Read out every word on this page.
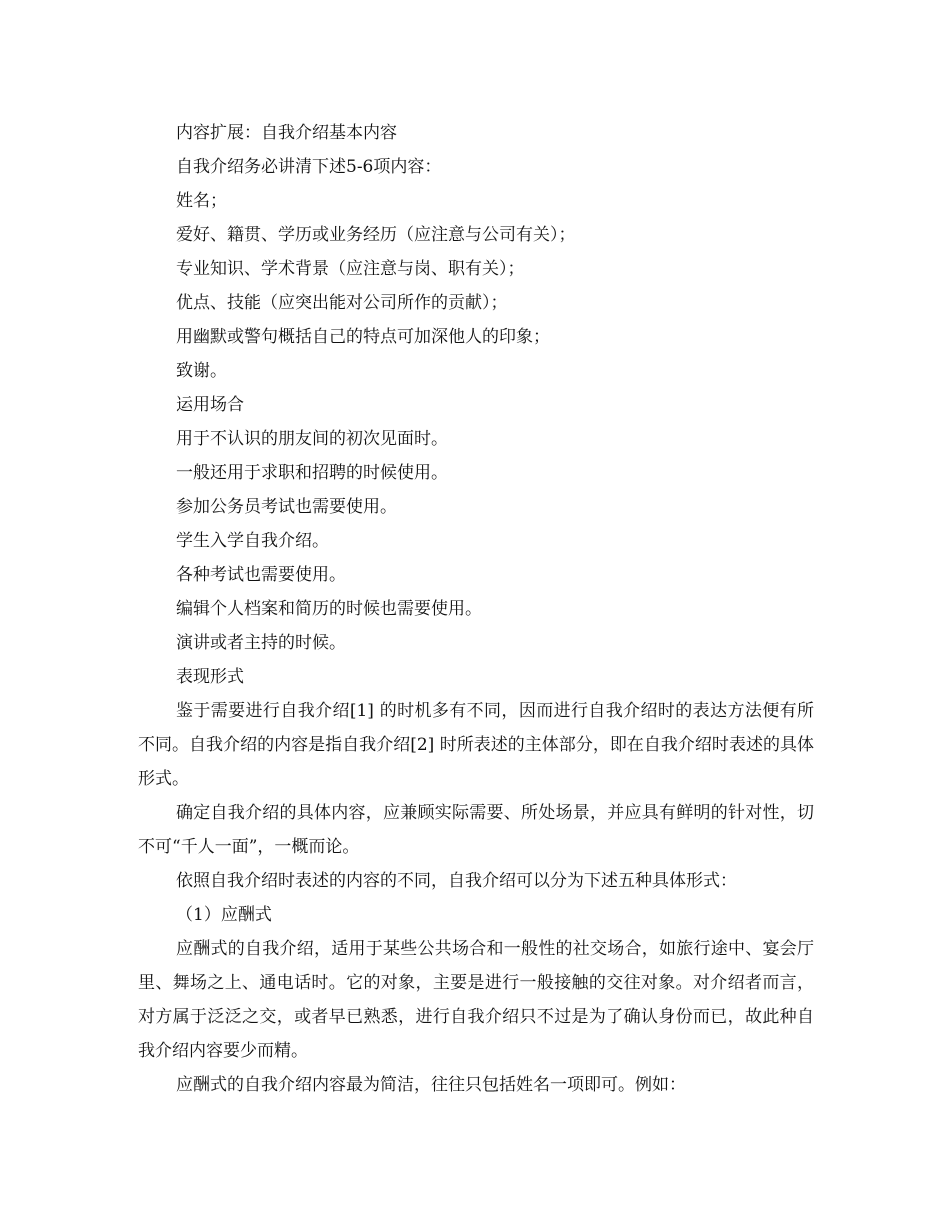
内容扩展：自我介绍基本内容

自我介绍务必讲清下述5-6项内容：

姓名；

爱好、籍贯、学历或业务经历（应注意与公司有关）；

专业知识、学术背景（应注意与岗、职有关）；

优点、技能（应突出能对公司所作的贡献）；

用幽默或警句概括自己的特点可加深他人的印象；

致谢。

运用场合

用于不认识的朋友间的初次见面时。

一般还用于求职和招聘的时候使用。

参加公务员考试也需要使用。

学生入学自我介绍。

各种考试也需要使用。

编辑个人档案和简历的时候也需要使用。

演讲或者主持的时候。

表现形式

鉴于需要进行自我介绍[1] 的时机多有不同，因而进行自我介绍时的表达方法便有所不同。自我介绍的内容是指自我介绍[2] 时所表述的主体部分，即在自我介绍时表述的具体形式。

确定自我介绍的具体内容，应兼顾实际需要、所处场景，并应具有鲜明的针对性，切不可“千人一面”，一概而论。

依照自我介绍时表述的内容的不同，自我介绍可以分为下述五种具体形式：

（1）应酬式

应酬式的自我介绍，适用于某些公共场合和一般性的社交场合，如旅行途中、宴会厅里、舞场之上、通电话时。它的对象，主要是进行一般接触的交往对象。对介绍者而言，对方属于泛泛之交，或者早已熟悉，进行自我介绍只不过是为了确认身份而已，故此种自我介绍内容要少而精。

应酬式的自我介绍内容最为简洁，往往只包括姓名一项即可。例如：
